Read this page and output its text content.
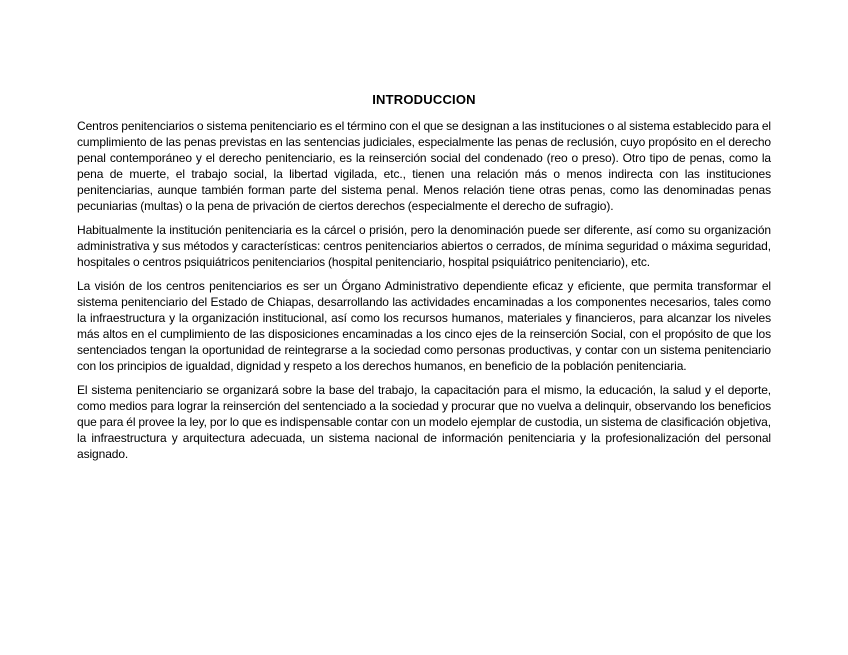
INTRODUCCION

Centros penitenciarios o sistema penitenciario es el término con el que se designan a las instituciones o al sistema establecido para el cumplimiento de las penas previstas en las sentencias judiciales, especialmente las penas de reclusión, cuyo propósito en el derecho penal contemporáneo y el derecho penitenciario, es la reinserción social del condenado (reo o preso). Otro tipo de penas, como la pena de muerte, el trabajo social, la libertad vigilada, etc., tienen una relación más o menos indirecta con las instituciones penitenciarias, aunque también forman parte del sistema penal. Menos relación tiene otras penas, como las denominadas penas pecuniarias (multas) o la pena de privación de ciertos derechos (especialmente el derecho de sufragio).

Habitualmente la institución penitenciaria es la cárcel o prisión, pero la denominación puede ser diferente, así como su organización administrativa y sus métodos y características: centros penitenciarios abiertos o cerrados, de mínima seguridad o máxima seguridad, hospitales o centros psiquiátricos penitenciarios (hospital penitenciario, hospital psiquiátrico penitenciario), etc.

La visión de los centros penitenciarios es ser un Órgano Administrativo dependiente eficaz y eficiente, que permita transformar el sistema penitenciario del Estado de Chiapas, desarrollando las actividades encaminadas a los componentes necesarios, tales como la infraestructura y la organización institucional, así como los recursos humanos, materiales y financieros, para alcanzar los niveles más altos en el cumplimiento de las disposiciones encaminadas a los cinco ejes de la reinserción Social, con el propósito de que los sentenciados tengan la oportunidad de reintegrarse a la sociedad como personas productivas, y contar con un sistema penitenciario con los principios de igualdad, dignidad y respeto a los derechos humanos, en beneficio de la población penitenciaria.

El sistema penitenciario se organizará sobre la base del trabajo, la capacitación para el mismo, la educación, la salud y el deporte, como medios para lograr la reinserción del sentenciado a la sociedad y procurar que no vuelva a delinquir, observando los beneficios que para él provee la ley, por lo que es indispensable contar con un modelo ejemplar de custodia, un sistema de clasificación objetiva, la infraestructura y arquitectura adecuada, un sistema nacional de información penitenciaria y la profesionalización del personal asignado.
